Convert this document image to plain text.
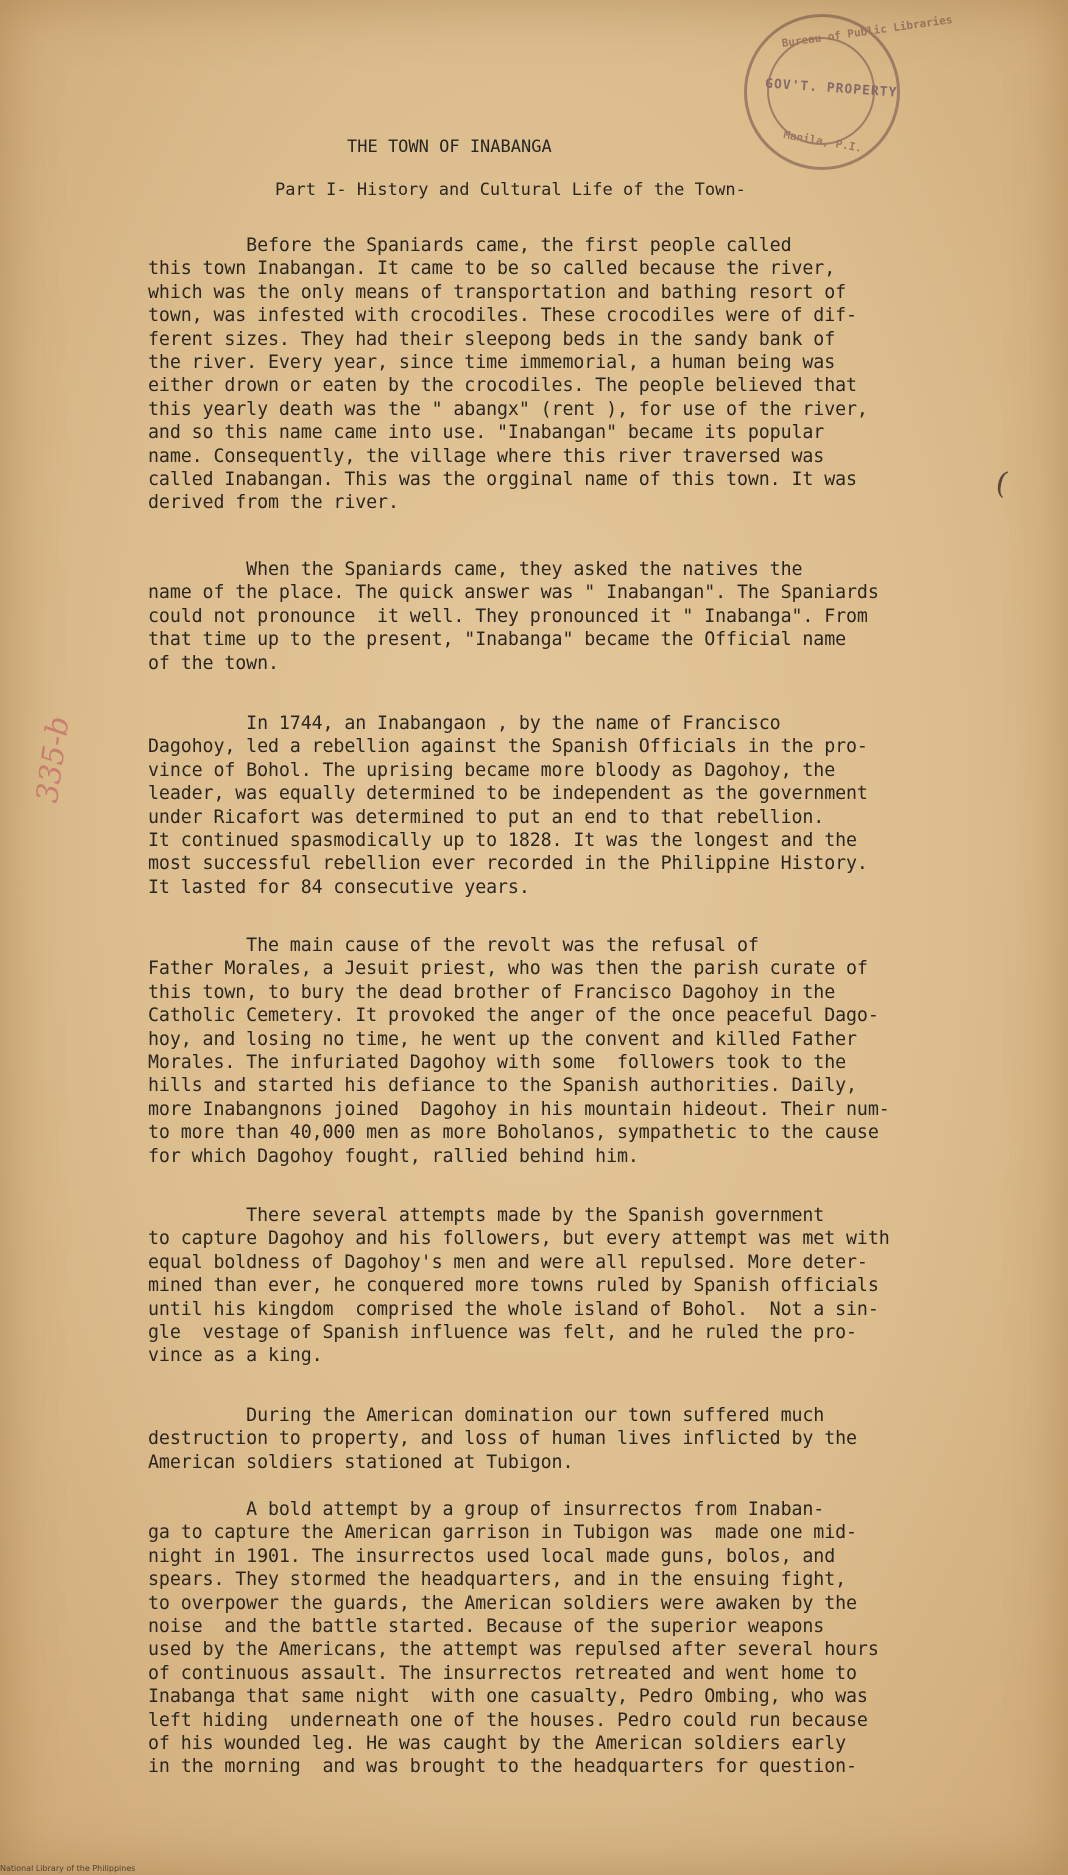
Bureau of Public Libraries
GOV'T. PROPERTY
Manila, P.I.
THE TOWN OF INABANGA
Part I- History and Cultural Life of the Town-
Before the Spaniards came, the first people called
this town Inabangan. It came to be so called because the river,
which was the only means of transportation and bathing resort of
town, was infested with crocodiles. These crocodiles were of dif-
ferent sizes. They had their sleepong beds in the sandy bank of
the river. Every year, since time immemorial, a human being was
either drown or eaten by the crocodiles. The people believed that
this yearly death was the " abangx" (rent ), for use of the river,
and so this name came into use. "Inabangan" became its popular
name. Consequently, the village where this river traversed was
called Inabangan. This was the orgginal name of this town. It was
derived from the river.
When the Spaniards came, they asked the natives the
name of the place. The quick answer was " Inabangan". The Spaniards
could not pronounce  it well. They pronounced it " Inabanga". From
that time up to the present, "Inabanga" became the Official name
of the town.
In 1744, an Inabangaon , by the name of Francisco
Dagohoy, led a rebellion against the Spanish Officials in the pro-
vince of Bohol. The uprising became more bloody as Dagohoy, the
leader, was equally determined to be independent as the government
under Ricafort was determined to put an end to that rebellion.
It continued spasmodically up to 1828. It was the longest and the
most successful rebellion ever recorded in the Philippine History.
It lasted for 84 consecutive years.
The main cause of the revolt was the refusal of
Father Morales, a Jesuit priest, who was then the parish curate of
this town, to bury the dead brother of Francisco Dagohoy in the
Catholic Cemetery. It provoked the anger of the once peaceful Dago-
hoy, and losing no time, he went up the convent and killed Father
Morales. The infuriated Dagohoy with some  followers took to the
hills and started his defiance to the Spanish authorities. Daily,
more Inabangnons joined  Dagohoy in his mountain hideout. Their num-
to more than 40,000 men as more Boholanos, sympathetic to the cause
for which Dagohoy fought, rallied behind him.
There several attempts made by the Spanish government
to capture Dagohoy and his followers, but every attempt was met with
equal boldness of Dagohoy's men and were all repulsed. More deter-
mined than ever, he conquered more towns ruled by Spanish officials
until his kingdom  comprised the whole island of Bohol.  Not a sin-
gle  vestage of Spanish influence was felt, and he ruled the pro-
vince as a king.
During the American domination our town suffered much
destruction to property, and loss of human lives inflicted by the
American soldiers stationed at Tubigon.
A bold attempt by a group of insurrectos from Inaban-
ga to capture the American garrison in Tubigon was  made one mid-
night in 1901. The insurrectos used local made guns, bolos, and
spears. They stormed the headquarters, and in the ensuing fight,
to overpower the guards, the American soldiers were awaken by the
noise  and the battle started. Because of the superior weapons
used by the Americans, the attempt was repulsed after several hours
of continuous assault. The insurrectos retreated and went home to
Inabanga that same night  with one casualty, Pedro Ombing, who was
left hiding  underneath one of the houses. Pedro could run because
of his wounded leg. He was caught by the American soldiers early
in the morning  and was brought to the headquarters for question-
335-b
(
National Library of the Philippines
